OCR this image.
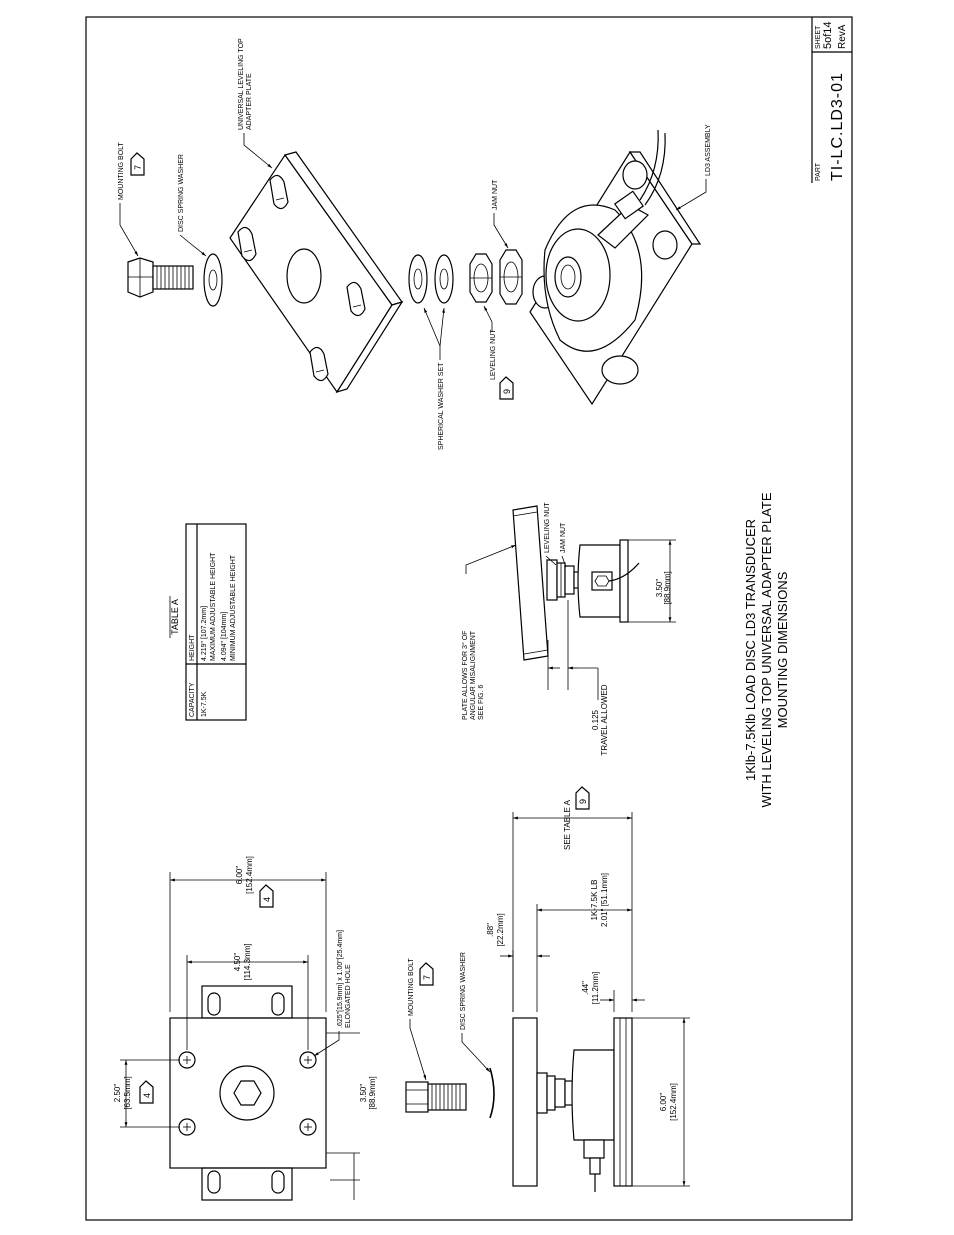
PART TI-LC.LD3-01
SHEET 5of14 RevA
1Klb-7.5Klb LOAD DISC LD3 TRANSDUCER WITH LEVELING TOP UNIVERSAL ADAPTER PLATE MOUNTING DIMENSIONS
TABLE A
CAPACITY
HEIGHT
1K-7.5K
4.219" [107.2mm] MAXIMUM ADJUSTABLE HEIGHT 4.094" [104mm] MINIMUM ADJUSTABLE HEIGHT
MOUNTING BOLT 7	DISC SPRING WASHER
UNIVERSAL LEVELING TOP ADAPTER PLATE
SPHERICAL WASHER SET
LEVELING NUT
9
JAM NUT
LD3 ASSEMBLY
3.50" [88.9mm]
0.125 TRAVEL ALLOWED
PLATE ALLOWS FOR 3° OF ANGULAR MISALIGNMENT SEE FIG. 6
LEVELING NUT JAM NUT
2.50" [63.5mm] 4
4.50" [114.3mm]
6.00" [152.4mm]
4
.625"[15.9mm] x 1.00"[25.4mm] ELONGATED HOLE
3.50" [88.9mm]
MOUNTING BOLT 7	DISC SPRING WASHER
.88" [22.2mm]
.44" [11.2mm]
1K-7.5K LB 2.01" [51.1mm]
SEE TABLE A 9
6.00" [152.4mm]
